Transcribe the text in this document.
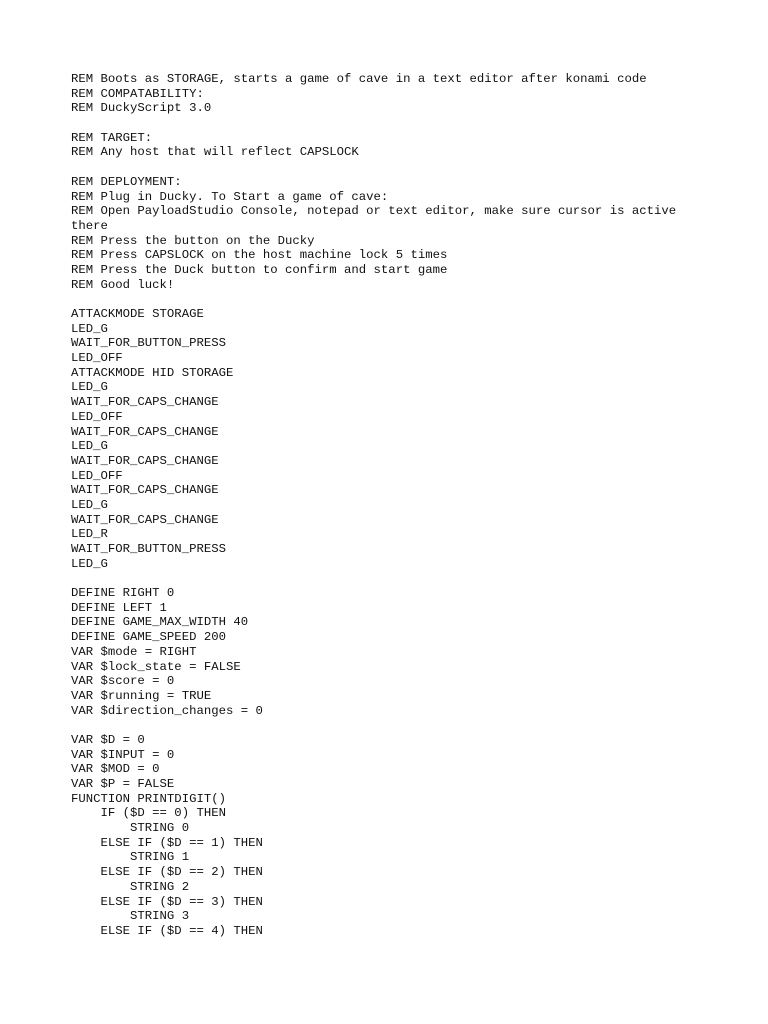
REM Boots as STORAGE, starts a game of cave in a text editor after konami code
REM COMPATABILITY:
REM DuckyScript 3.0
REM TARGET:
REM Any host that will reflect CAPSLOCK
REM DEPLOYMENT:
REM Plug in Ducky. To Start a game of cave:
REM Open PayloadStudio Console, notepad or text editor, make sure cursor is active
there
REM Press the button on the Ducky
REM Press CAPSLOCK on the host machine lock 5 times
REM Press the Duck button to confirm and start game
REM Good luck!
ATTACKMODE STORAGE
LED_G
WAIT_FOR_BUTTON_PRESS
LED_OFF
ATTACKMODE HID STORAGE
LED_G
WAIT_FOR_CAPS_CHANGE
LED_OFF
WAIT_FOR_CAPS_CHANGE
LED_G
WAIT_FOR_CAPS_CHANGE
LED_OFF
WAIT_FOR_CAPS_CHANGE
LED_G
WAIT_FOR_CAPS_CHANGE
LED_R
WAIT_FOR_BUTTON_PRESS
LED_G
DEFINE RIGHT 0
DEFINE LEFT 1
DEFINE GAME_MAX_WIDTH 40
DEFINE GAME_SPEED 200
VAR $mode = RIGHT
VAR $lock_state = FALSE
VAR $score = 0
VAR $running = TRUE
VAR $direction_changes = 0
VAR $D = 0
VAR $INPUT = 0
VAR $MOD = 0
VAR $P = FALSE
FUNCTION PRINTDIGIT()
IF ($D == 0) THEN
STRING 0
ELSE IF ($D == 1) THEN
STRING 1
ELSE IF ($D == 2) THEN
STRING 2
ELSE IF ($D == 3) THEN
STRING 3
ELSE IF ($D == 4) THEN
